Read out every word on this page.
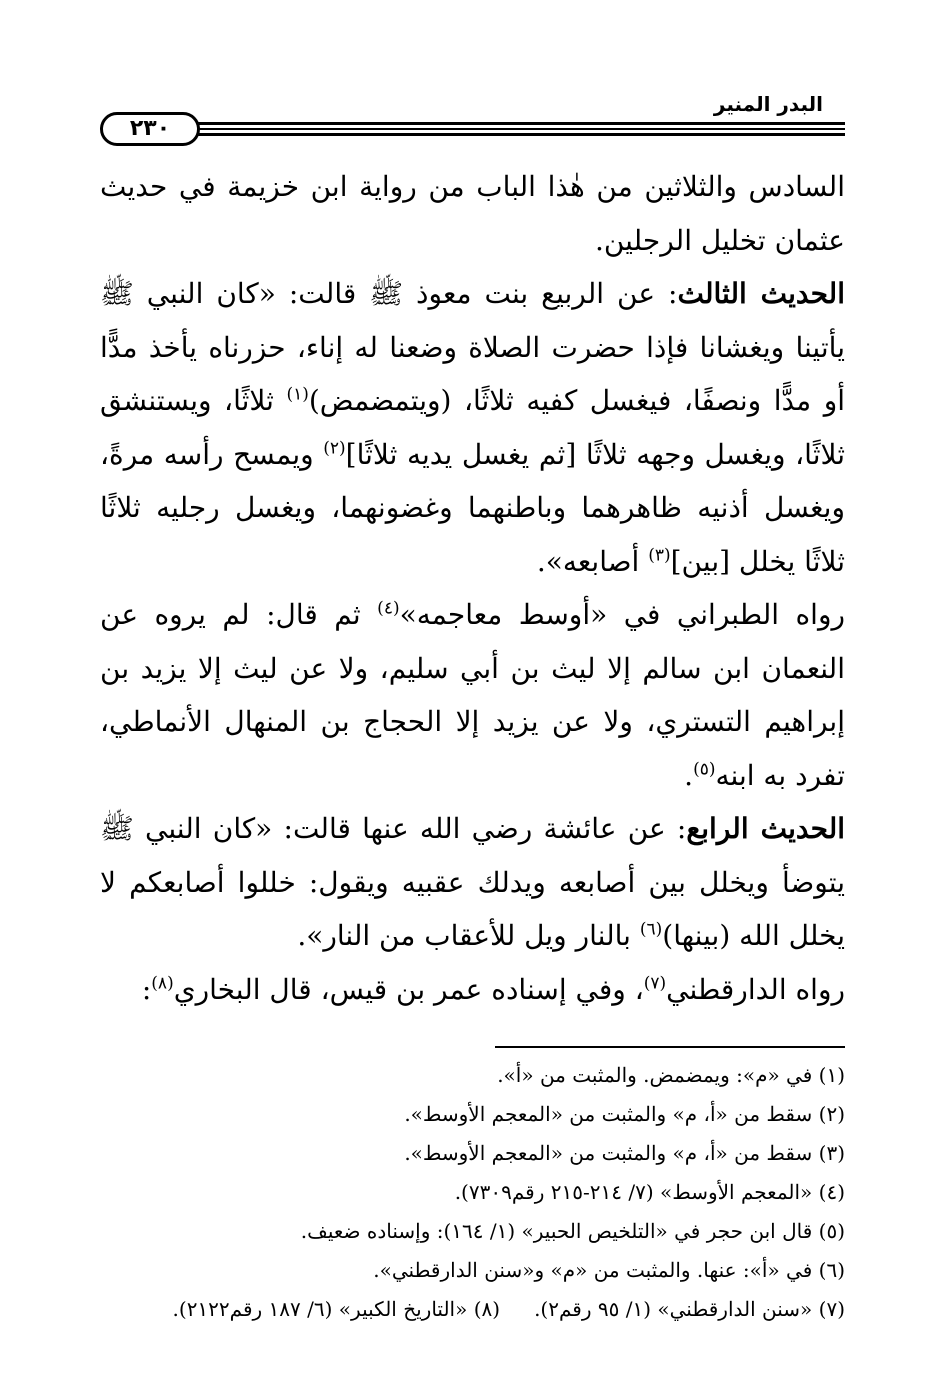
البدر المنير
٢٣٠

السادس والثلاثين من هٰذا الباب من رواية ابن خزيمة في حديث عثمان تخليل الرجلين.

الحديث الثالث: عن الربيع بنت معوذ ﷺ قالت: «كان النبي ﷺ يأتينا ويغشانا فإذا حضرت الصلاة وضعنا له إناء، حزرناه يأخذ مدًّا أو مدًّا ونصفًا، فيغسل كفيه ثلاثًا، (ويتمضمض)$^{(١)}$ ثلاثًا، ويستنشق ثلاثًا، ويغسل وجهه ثلاثًا [ثم يغسل يديه ثلاثًا]$^{(٢)}$ ويمسح رأسه مرةً، ويغسل أذنيه ظاهرهما وباطنهما وغضونهما، ويغسل رجليه ثلاثًا ثلاثًا يخلل [بين]$^{(٣)}$ أصابعه».

رواه الطبراني في «أوسط معاجمه»$^{(٤)}$ ثم قال: لم يروه عن النعمان ابن سالم إلا ليث بن أبي سليم، ولا عن ليث إلا يزيد بن إبراهيم التستري، ولا عن يزيد إلا الحجاج بن المنهال الأنماطي، تفرد به ابنه$^{(٥)}$.

الحديث الرابع: عن عائشة رضي الله عنها قالت: «كان النبي ﷺ يتوضأ ويخلل بين أصابعه ويدلك عقبيه ويقول: خللوا أصابعكم لا يخلل الله (بينها)$^{(٦)}$ بالنار ويل للأعقاب من النار».

رواه الدارقطني$^{(٧)}$، وفي إسناده عمر بن قيس، قال البخاري$^{(٨)}$:

(١) في «م»: ويمضمض. والمثبت من «أ».

(٢) سقط من «أ، م» والمثبت من «المعجم الأوسط».

(٣) سقط من «أ، م» والمثبت من «المعجم الأوسط».

(٤) «المعجم الأوسط» (٧/ ٢١٤-٢١٥ رقم٧٣٠٩).

(٥) قال ابن حجر في «التلخيص الحبير» (١/ ١٦٤): وإسناده ضعيف.

(٦) في «أ»: عنها. والمثبت من «م» و«سنن الدارقطني».

(٧) «سنن الدارقطني» (١/ ٩٥ رقم٢).(٨) «التاريخ الكبير» (٦/ ١٨٧ رقم٢١٢٢).
